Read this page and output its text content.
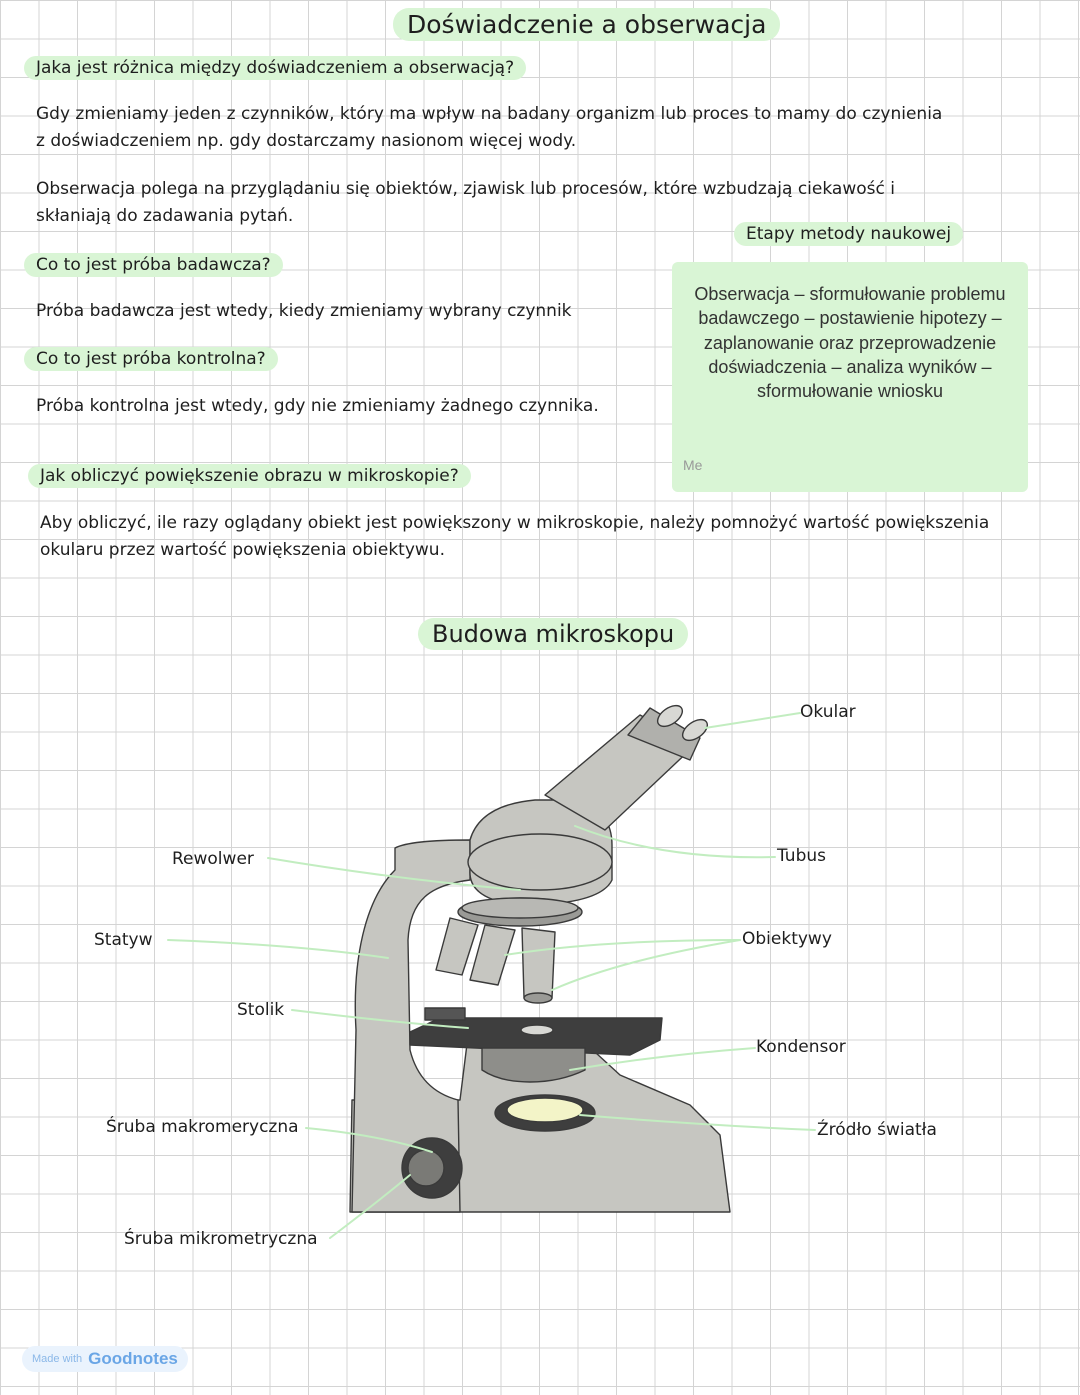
Doświadczenie a obserwacja
Jaka jest różnica między doświadczeniem a obserwacją?

Gdy zmieniamy jeden z czynników, który ma wpływ na badany organizm lub proces to mamy do czynienia
z doświadczeniem np. gdy dostarczamy nasionom więcej wody.

Obserwacja polega na przyglądaniu się obiektów, zjawisk lub procesów, które wzbudzają ciekawość i
skłaniają do zadawania pytań.

Co to jest próba badawcza?

Próba badawcza jest wtedy, kiedy zmieniamy wybrany czynnik

Co to jest próba kontrolna?

Próba kontrolna jest wtedy, gdy nie zmieniamy żadnego czynnika.

Jak obliczyć powiększenie obrazu w mikroskopie?

Aby obliczyć, ile razy oglądany obiekt jest powiększony w mikroskopie, należy pomnożyć wartość powiększenia
okularu przez wartość powiększenia obiektywu.

Etapy metody naukowej
Obserwacja – sformułowanie problemu badawczego – postawienie hipotezy – zaplanowanie oraz przeprowadzenie doświadczenia – analiza wyników – sformułowanie wniosku
Me
Budowa mikroskopu
Okular
Tubus
Rewolwer
Statyw	Obiektywy
Stolik
Kondensor
Śruba makromeryczna	Źródło światła
Śruba mikrometryczna
Made with Goodnotes
